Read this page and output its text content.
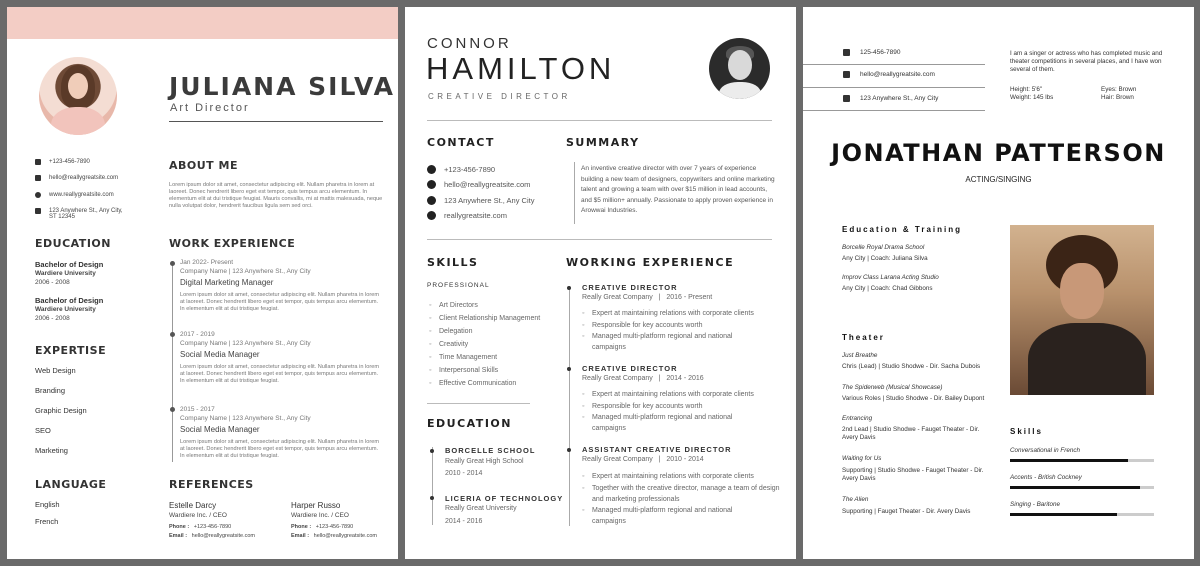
JULIANA SILVA
Art Director
+123-456-7890
hello@reallygreatsite.com
www.reallygreatsite.com
123 Anywhere St., Any City,
ST 12345
EDUCATION
Bachelor of Design
Wardiere University
2006 - 2008
Bachelor of Design
Wardiere University
2006 - 2008
EXPERTISE
Web Design
Branding
Graphic Design
SEO
Marketing
LANGUAGE
English
French
ABOUT ME
Lorem ipsum dolor sit amet, consectetur adipiscing elit. Nullam pharetra in lorem at laoreet. Donec hendrerit libero eget est tempor, quis tempus arcu elementum. In elementum elit at dui tristique feugiat. Mauris convallis, mi at mattis malesuada, neque nulla volutpat dolor, hendrerit faucibus ligula sem sed orci.
WORK EXPERIENCE
Jan 2022- Present
Company Name | 123 Anywhere St., Any City
Digital Marketing Manager
Lorem ipsum dolor sit amet, consectetur adipiscing elit. Nullam pharetra in lorem at laoreet. Donec hendrerit libero eget est tempor, quis tempus arcu elementum. In elementum elit at dui tristique feugiat.
2017 - 2019
Company Name | 123 Anywhere St., Any City
Social Media Manager
Lorem ipsum dolor sit amet, consectetur adipiscing elit. Nullam pharetra in lorem at laoreet. Donec hendrerit libero eget est tempor, quis tempus arcu elementum. In elementum elit at dui tristique feugiat.
2015 - 2017
Company Name | 123 Anywhere St., Any City
Social Media Manager
Lorem ipsum dolor sit amet, consectetur adipiscing elit. Nullam pharetra in lorem at laoreet. Donec hendrerit libero eget est tempor, quis tempus arcu elementum. In elementum elit at dui tristique feugiat.
REFERENCES
Estelle Darcy
Wardiere Inc. / CEO
Phone : +123-456-7890
Email : hello@reallygreatsite.com
Harper Russo
Wardiere Inc. / CEO
Phone : +123-456-7890
Email : hello@reallygreatsite.com
CONNOR
HAMILTON
CREATIVE DIRECTOR
CONTACT
+123-456-7890
hello@reallygreatsite.com
123 Anywhere St., Any City
reallygreatsite.com
SUMMARY
An inventive creative director with over 7 years of experience building a new team of designers, copywriters and online marketing talent and growing a team with over $15 million in lead accounts, and $5 million+ annually. Passionate to apply proven experience in Arowwai Industries.
SKILLS
PROFESSIONAL
◦ Art Directors
◦ Client Relationship Management
◦ Delegation
◦ Creativity
◦ Time Management
◦ Interpersonal Skills
◦ Effective Communication
EDUCATION
BORCELLE SCHOOL
Really Great High School
2010 - 2014
LICERIA OF TECHNOLOGY
Really Great University
2014 - 2016
WORKING EXPERIENCE
CREATIVE DIRECTOR
Really Great Company   |   2016 - Present
◦ Expert at maintaining relations with corporate clients
◦ Responsible for key accounts worth
◦ Managed multi-platform regional and national campaigns
CREATIVE DIRECTOR
Really Great Company   |   2014 - 2016
◦ Expert at maintaining relations with corporate clients
◦ Responsible for key accounts worth
◦ Managed multi-platform regional and national campaigns
ASSISTANT CREATIVE DIRECTOR
Really Great Company   |   2010 - 2014
◦ Expert at maintaining relations with corporate clients
◦ Together with the creative director, manage a team of design and marketing professionals
◦ Managed multi-platform regional and national campaigns
125-456-7890
hello@reallygreatsite.com
123 Anywhere St., Any City
I am a singer or actress who has completed music and theater competitions in several places, and I have won several of them.
Height: 5'6"
Weight: 145 lbs
Eyes: Brown
Hair: Brown
JONATHAN PATTERSON
ACTING/SINGING
Education & Training
Borcelle Royal Drama School
Any City | Coach: Juliana Silva
Improv Class Larana Acting Studio
Any City | Coach: Chad Gibbons
Theater
Just Breathe
Chris (Lead) | Studio Shodwe - Dir. Sacha Dubois
The Spiderweb (Musical Showcase)
Various Roles | Studio Shodwe - Dir. Bailey Dupont
Entrancing
2nd Lead | Studio Shodwe - Fauget Theater - Dir. Avery Davis
Waiting for Us
Supporting | Studio Shodwe - Fauget Theater - Dir. Avery Davis
The Alien
Supporting | Fauget Theater - Dir. Avery Davis
Skills
Conversational in French
Accents - British Cockney
Singing - Baritone
